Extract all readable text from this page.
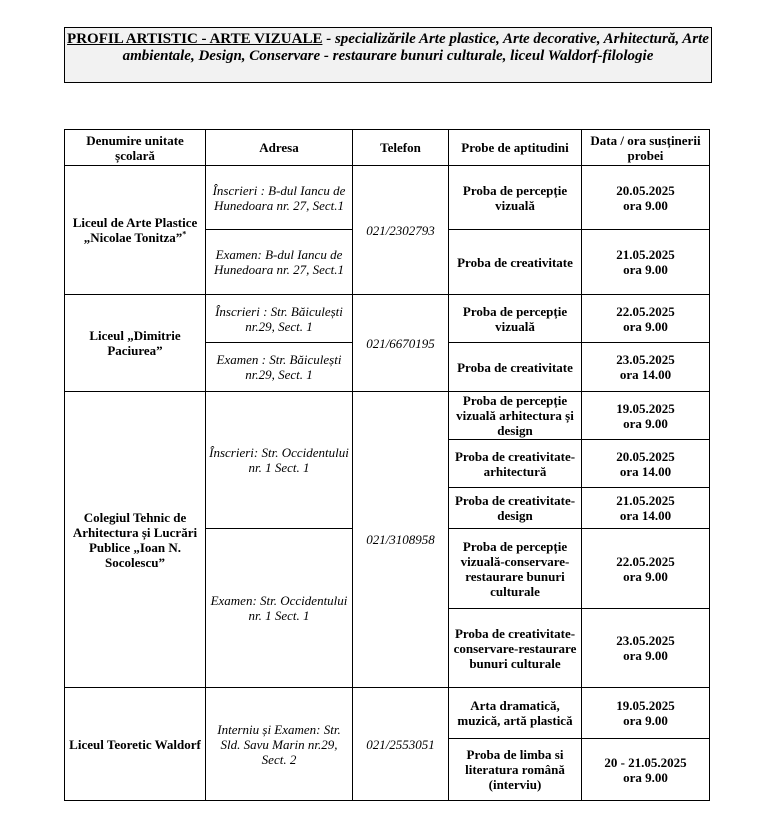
PROFIL ARTISTIC - ARTE VIZUALE - specializările Arte plastice, Arte decorative, Arhitectură, Arte ambientale, Design, Conservare - restaurare bunuri culturale, liceul Waldorf-filologie
Denumire unitate școlară	Adresa	Telefon	Probe de aptitudini	Data / ora susținerii probei
Liceul de Arte Plastice „Nicolae Tonitza”*	Înscrieri : B-dul Iancu de Hunedoara nr. 27, Sect.1	021/2302793	Proba de percepție vizuală	20.05.2025
ora 9.00

	Examen: B-dul Iancu de Hunedoara nr. 27, Sect.1		Proba de creativitate	21.05.2025
ora 9.00

Liceul „Dimitrie Paciurea”	Înscrieri : Str. Băiculești nr.29, Sect. 1	021/6670195	Proba de percepție vizuală	22.05.2025
ora 9.00

	Examen : Str. Băiculești nr.29, Sect. 1		Proba de creativitate	23.05.2025
ora 14.00

Colegiul Tehnic de Arhitectura și Lucrări Publice „Ioan N. Socolescu”	Înscrieri: Str. Occidentului nr. 1 Sect. 1	021/3108958	Proba de percepție vizuală arhitectura și design	19.05.2025
ora 9.00

			Proba de creativitate-arhitectură	20.05.2025
ora 14.00

			Proba de creativitate-design	21.05.2025
ora 14.00

	Examen: Str. Occidentului nr. 1 Sect. 1		Proba de percepție vizuală-conservare-restaurare bunuri culturale	22.05.2025
ora 9.00

			Proba de creativitate-conservare-restaurare bunuri culturale	23.05.2025
ora 9.00

Liceul Teoretic Waldorf	Interniu și Examen: Str. Sld. Savu Marin nr.29, Sect. 2	021/2553051	Arta dramatică, muzică, artă plastică	19.05.2025
ora 9.00

			Proba de limba si literatura română (interviu)	20 - 21.05.2025
ora 9.00
